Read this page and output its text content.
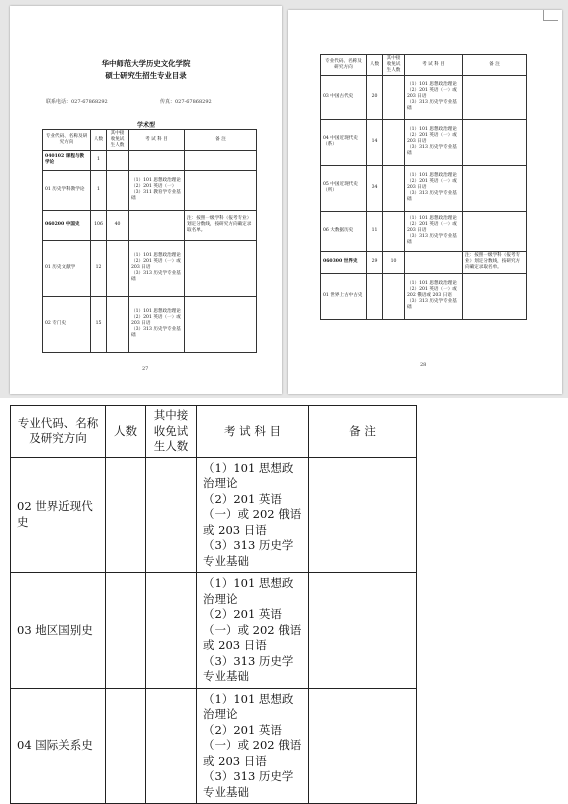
华中师范大学历史文化学院
硕士研究生招生专业目录
联系电话：027-67868292	传真：027-67868292
学术型
专业代码、名称及研究方向	人数	其中接收免试生人数	考 试 科 目	备 注
040102 课程与教学论	1			
01 历史学科教学论	1		（1）101 思想政治理论
（2）201 英语（一）
（3）311 教育学专业基础	
060200 中国史	106	40		注：按照一级学科（报考专业）划定分数线，按研究方向确定录取名单。
01 历史文献学	12		（1）101 思想政治理论
（2）201 英语（一）或 203 日语
（3）313 历史学专业基础	
02 专门史	15		（1）101 思想政治理论
（2）201 英语（一）或 203 日语
（3）313 历史学专业基础	
27
专业代码、名称及研究方向	人数	其中接收免试生人数	考 试 科 目	备 注
03 中国古代史	20		（1）101 思想政治理论
（2）201 英语（一）或 203 日语
（3）313 历史学专业基础	
04 中国近现代史（系）	14		（1）101 思想政治理论
（2）201 英语（一）或 203 日语
（3）313 历史学专业基础	
05 中国近现代史（所）	34		（1）101 思想政治理论
（2）201 英语（一）或 203 日语
（3）313 历史学专业基础	
06 大数据历史	11		（1）101 思想政治理论
（2）201 英语（一）或 203 日语
（3）313 历史学专业基础	
060300 世界史	29	10		注：按照一级学科（报考专业）划定分数线，按研究方向确定录取名单。
01 世界上古中古史			（1）101 思想政治理论
（2）201 英语（一）或 202 俄语或 203 日语
（3）313 历史学专业基础	
28
专业代码、名称及研究方向	人数	其中接收免试生人数	考 试 科 目	备 注
02 世界近现代史			（1）101 思想政治理论
（2）201 英语（一）或 202 俄语或 203 日语
（3）313 历史学专业基础	

03 地区国别史			（1）101 思想政治理论
（2）201 英语（一）或 202 俄语或 203 日语
（3）313 历史学专业基础	

04 国际关系史			（1）101 思想政治理论
（2）201 英语（一）或 202 俄语或 203 日语
（3）313 历史学专业基础	
